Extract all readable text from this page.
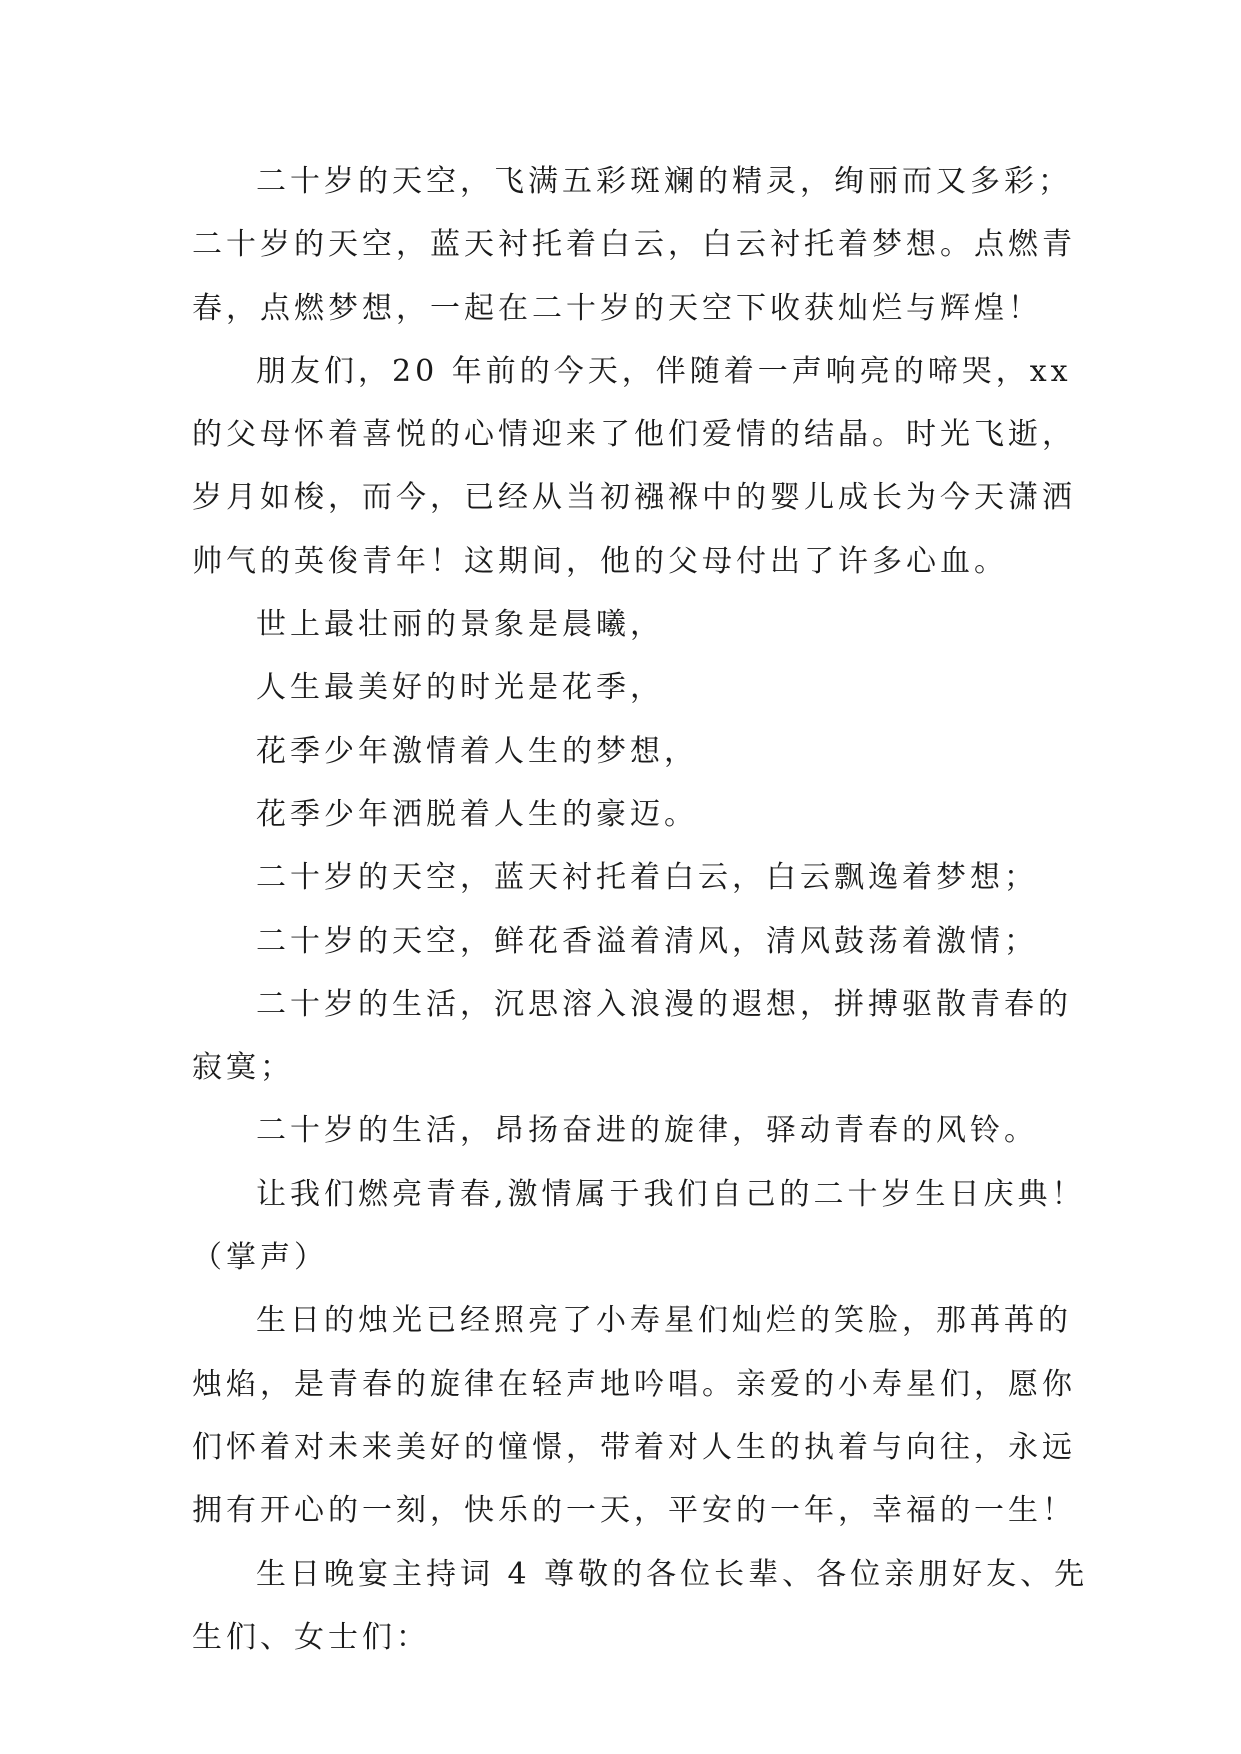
二十岁的天空，飞满五彩斑斓的精灵，绚丽而又多彩；
二十岁的天空，蓝天衬托着白云，白云衬托着梦想。点燃青
春，点燃梦想，一起在二十岁的天空下收获灿烂与辉煌！
朋友们，20 年前的今天，伴随着一声响亮的啼哭，xx
的父母怀着喜悦的心情迎来了他们爱情的结晶。时光飞逝，
岁月如梭，而今，已经从当初襁褓中的婴儿成长为今天潇洒
帅气的英俊青年！这期间，他的父母付出了许多心血。
世上最壮丽的景象是晨曦，
人生最美好的时光是花季，
花季少年激情着人生的梦想，
花季少年洒脱着人生的豪迈。
二十岁的天空，蓝天衬托着白云，白云飘逸着梦想；
二十岁的天空，鲜花香溢着清风，清风鼓荡着激情；
二十岁的生活，沉思溶入浪漫的遐想，拼搏驱散青春的
寂寞；
二十岁的生活，昂扬奋进的旋律，驿动青春的风铃。
让我们燃亮青春,激情属于我们自己的二十岁生日庆典！
（掌声）
生日的烛光已经照亮了小寿星们灿烂的笑脸，那苒苒的
烛焰，是青春的旋律在轻声地吟唱。亲爱的小寿星们，愿你
们怀着对未来美好的憧憬，带着对人生的执着与向往，永远
拥有开心的一刻，快乐的一天，平安的一年，幸福的一生！
生日晚宴主持词 4 尊敬的各位长辈、各位亲朋好友、先
生们、女士们：
